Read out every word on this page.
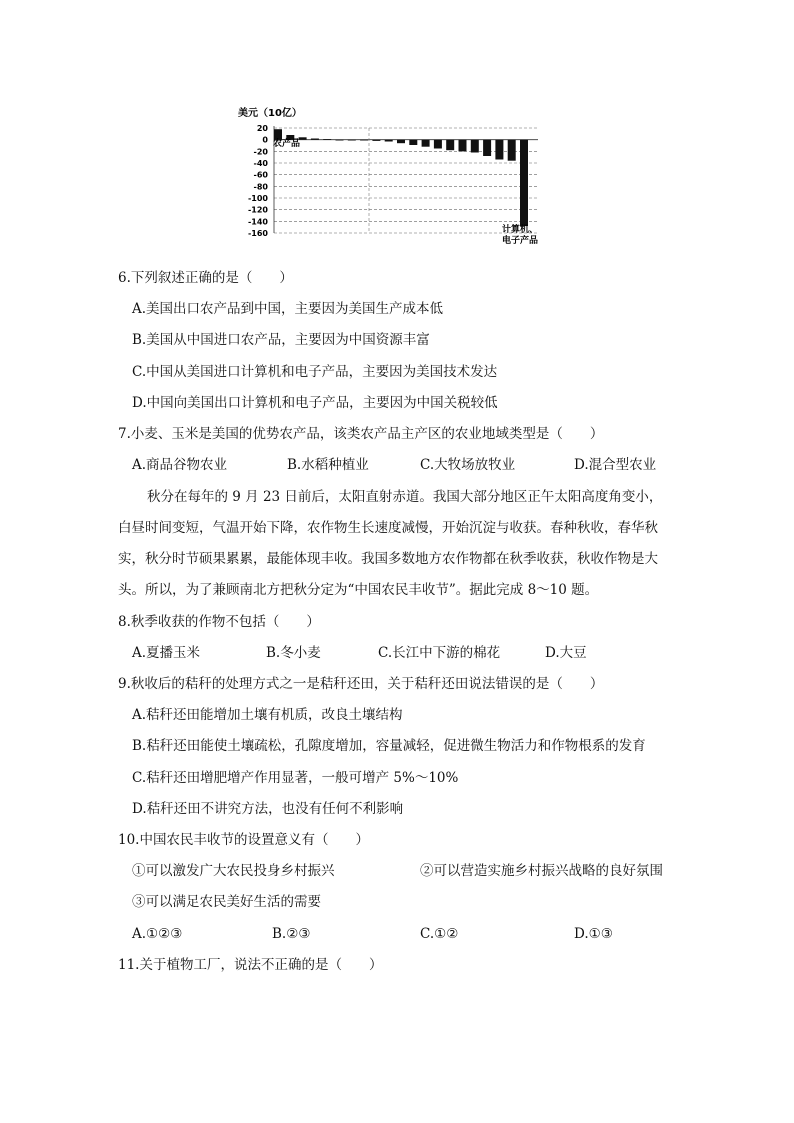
美元（10亿）
20
0
-20
-40
-60
-80
-100
-120
-140
-160
农产品
计算机、
电子产品
6.下列叙述正确的是（　　）
A.美国出口农产品到中国，主要因为美国生产成本低
B.美国从中国进口农产品，主要因为中国资源丰富
C.中国从美国进口计算机和电子产品，主要因为美国技术发达
D.中国向美国出口计算机和电子产品，主要因为中国关税较低
7.小麦、玉米是美国的优势农产品，该类农产品主产区的农业地域类型是（　　）
A.商品谷物农业	B.水稻种植业	C.大牧场放牧业	D.混合型农业
秋分在每年的 9 月 23 日前后，太阳直射赤道。我国大部分地区正午太阳高度角变小，
白昼时间变短，气温开始下降，农作物生长速度减慢，开始沉淀与收获。春种秋收，春华秋
实，秋分时节硕果累累，最能体现丰收。我国多数地方农作物都在秋季收获，秋收作物是大
头。所以，为了兼顾南北方把秋分定为“中国农民丰收节”。据此完成 8～10 题。
8.秋季收获的作物不包括（　　）
A.夏播玉米	B.冬小麦	C.长江中下游的棉花	D.大豆
9.秋收后的秸秆的处理方式之一是秸秆还田，关于秸秆还田说法错误的是（　　）
A.秸秆还田能增加土壤有机质，改良土壤结构
B.秸秆还田能使土壤疏松，孔隙度增加，容量减轻，促进微生物活力和作物根系的发育
C.秸秆还田增肥增产作用显著，一般可增产 5%～10%
D.秸秆还田不讲究方法，也没有任何不利影响
10.中国农民丰收节的设置意义有（　　）
①可以激发广大农民投身乡村振兴	②可以营造实施乡村振兴战略的良好氛围
③可以满足农民美好生活的需要
A.①②③	B.②③	C.①②	D.①③
11.关于植物工厂，说法不正确的是（　　）
